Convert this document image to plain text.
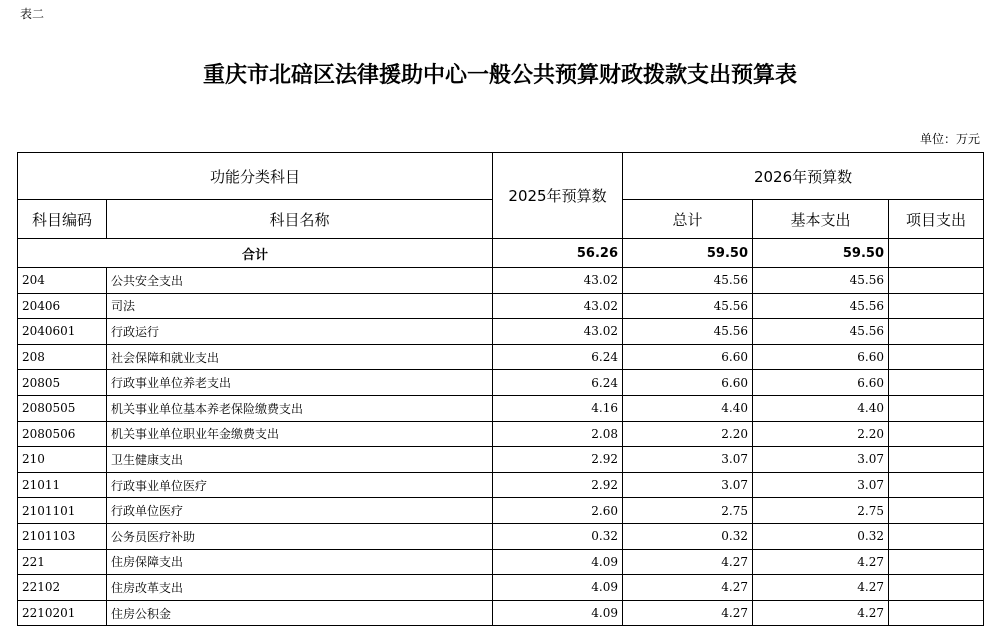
表二
重庆市北碚区法律援助中心一般公共预算财政拨款支出预算表
单位：万元
功能分类科目		2025年预算数	2026年预算数		
科目编码	科目名称		总计	基本支出	项目支出
合计		56.26	59.50	59.50	
204	公共安全支出	43.02	45.56	45.56	
20406	司法	43.02	45.56	45.56	
2040601	行政运行	43.02	45.56	45.56	
208	社会保障和就业支出	6.24	6.60	6.60	
20805	行政事业单位养老支出	6.24	6.60	6.60	
2080505	机关事业单位基本养老保险缴费支出	4.16	4.40	4.40	
2080506	机关事业单位职业年金缴费支出	2.08	2.20	2.20	
210	卫生健康支出	2.92	3.07	3.07	
21011	行政事业单位医疗	2.92	3.07	3.07	
2101101	行政单位医疗	2.60	2.75	2.75	
2101103	公务员医疗补助	0.32	0.32	0.32	
221	住房保障支出	4.09	4.27	4.27	
22102	住房改革支出	4.09	4.27	4.27	
2210201	住房公积金	4.09	4.27	4.27	
